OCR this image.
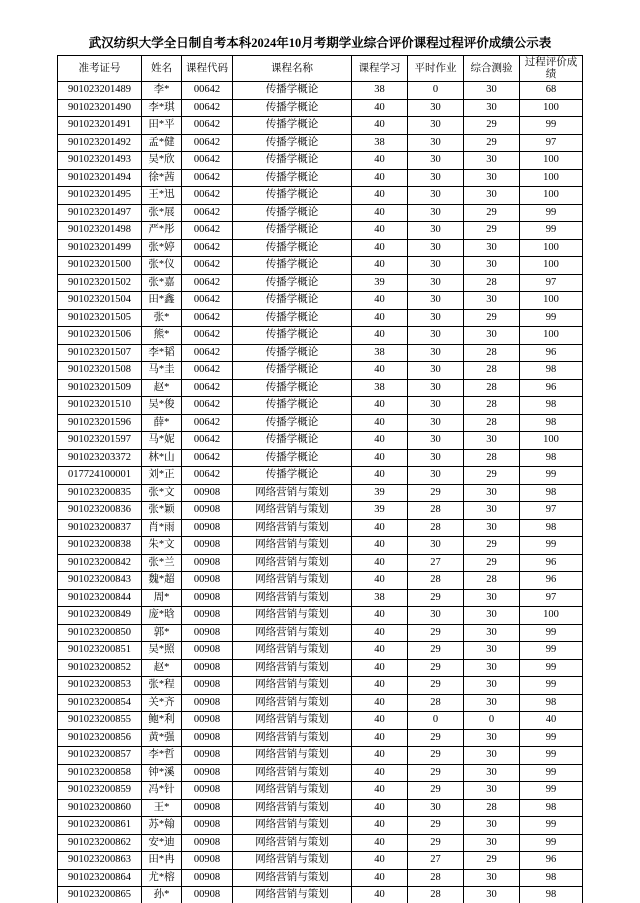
武汉纺织大学全日制自考本科2024年10月考期学业综合评价课程过程评价成绩公示表
准考证号	姓名	课程代码	课程名称	课程学习	平时作业	综合测验	过程评价成绩
901023201489	李*	00642	传播学概论	38	0	30	68
901023201490	李*琪	00642	传播学概论	40	30	30	100
901023201491	田*平	00642	传播学概论	40	30	29	99
901023201492	孟*健	00642	传播学概论	38	30	29	97
901023201493	吴*欣	00642	传播学概论	40	30	30	100
901023201494	徐*茜	00642	传播学概论	40	30	30	100
901023201495	王*迅	00642	传播学概论	40	30	30	100
901023201497	张*展	00642	传播学概论	40	30	29	99
901023201498	严*彤	00642	传播学概论	40	30	29	99
901023201499	张*婷	00642	传播学概论	40	30	30	100
901023201500	张*仪	00642	传播学概论	40	30	30	100
901023201502	张*嘉	00642	传播学概论	39	30	28	97
901023201504	田*鑫	00642	传播学概论	40	30	30	100
901023201505	张*	00642	传播学概论	40	30	29	99
901023201506	熊*	00642	传播学概论	40	30	30	100
901023201507	李*韬	00642	传播学概论	38	30	28	96
901023201508	马*圭	00642	传播学概论	40	30	28	98
901023201509	赵*	00642	传播学概论	38	30	28	96
901023201510	吴*俊	00642	传播学概论	40	30	28	98
901023201596	薛*	00642	传播学概论	40	30	28	98
901023201597	马*妮	00642	传播学概论	40	30	30	100
901023203372	林*山	00642	传播学概论	40	30	28	98
017724100001	刘*正	00642	传播学概论	40	30	29	99
901023200835	张*文	00908	网络营销与策划	39	29	30	98
901023200836	张*颖	00908	网络营销与策划	39	28	30	97
901023200837	肖*雨	00908	网络营销与策划	40	28	30	98
901023200838	朱*文	00908	网络营销与策划	40	30	29	99
901023200842	张*兰	00908	网络营销与策划	40	27	29	96
901023200843	魏*超	00908	网络营销与策划	40	28	28	96
901023200844	周*	00908	网络营销与策划	38	29	30	97
901023200849	庞*晗	00908	网络营销与策划	40	30	30	100
901023200850	郭*	00908	网络营销与策划	40	29	30	99
901023200851	吴*照	00908	网络营销与策划	40	29	30	99
901023200852	赵*	00908	网络营销与策划	40	29	30	99
901023200853	张*程	00908	网络营销与策划	40	29	30	99
901023200854	关*齐	00908	网络营销与策划	40	28	30	98
901023200855	鲍*利	00908	网络营销与策划	40	0	0	40
901023200856	黄*强	00908	网络营销与策划	40	29	30	99
901023200857	李*哲	00908	网络营销与策划	40	29	30	99
901023200858	钟*溪	00908	网络营销与策划	40	29	30	99
901023200859	冯*针	00908	网络营销与策划	40	29	30	99
901023200860	王*	00908	网络营销与策划	40	30	28	98
901023200861	苏*翰	00908	网络营销与策划	40	29	30	99
901023200862	安*迪	00908	网络营销与策划	40	29	30	99
901023200863	田*冉	00908	网络营销与策划	40	27	29	96
901023200864	尤*榕	00908	网络营销与策划	40	28	30	98
901023200865	孙*	00908	网络营销与策划	40	28	30	98
